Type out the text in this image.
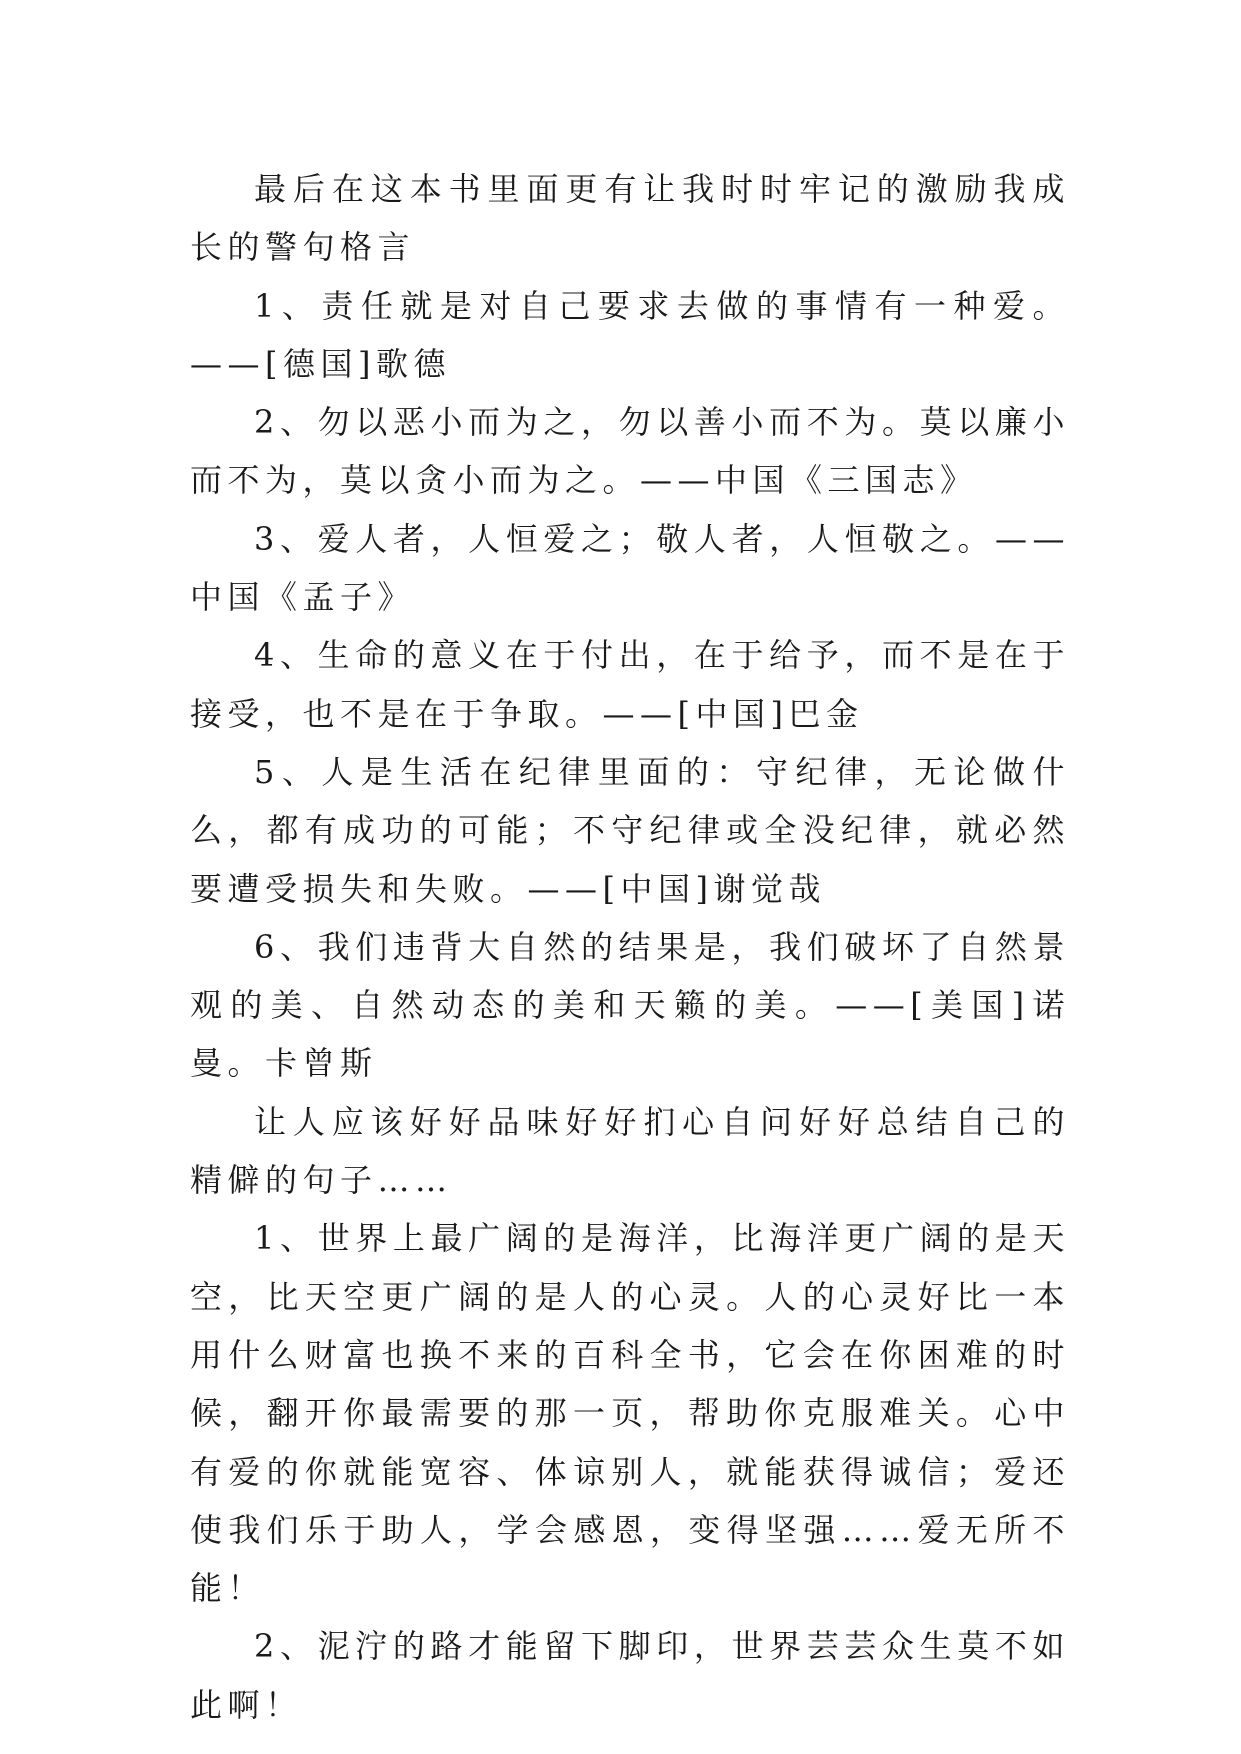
最后在这本书里面更有让我时时牢记的激励我成长的警句格言

1、责任就是对自己要求去做的事情有一种爱。——[德国]歌德

2、勿以恶小而为之，勿以善小而不为。莫以廉小而不为，莫以贪小而为之。——中国《三国志》

3、爱人者，人恒爱之；敬人者，人恒敬之。——中国《孟子》

4、生命的意义在于付出，在于给予，而不是在于接受，也不是在于争取。——[中国]巴金

5、人是生活在纪律里面的：守纪律，无论做什么，都有成功的可能；不守纪律或全没纪律，就必然要遭受损失和失败。——[中国]谢觉哉

6、我们违背大自然的结果是，我们破坏了自然景观的美、自然动态的美和天籁的美。——[美国]诺曼。卡曾斯

让人应该好好品味好好扪心自问好好总结自己的精僻的句子……

1、世界上最广阔的是海洋，比海洋更广阔的是天空，比天空更广阔的是人的心灵。人的心灵好比一本用什么财富也换不来的百科全书，它会在你困难的时候，翻开你最需要的那一页，帮助你克服难关。心中有爱的你就能宽容、体谅别人，就能获得诚信；爱还使我们乐于助人，学会感恩，变得坚强……爱无所不能！

2、泥泞的路才能留下脚印，世界芸芸众生莫不如此啊！
